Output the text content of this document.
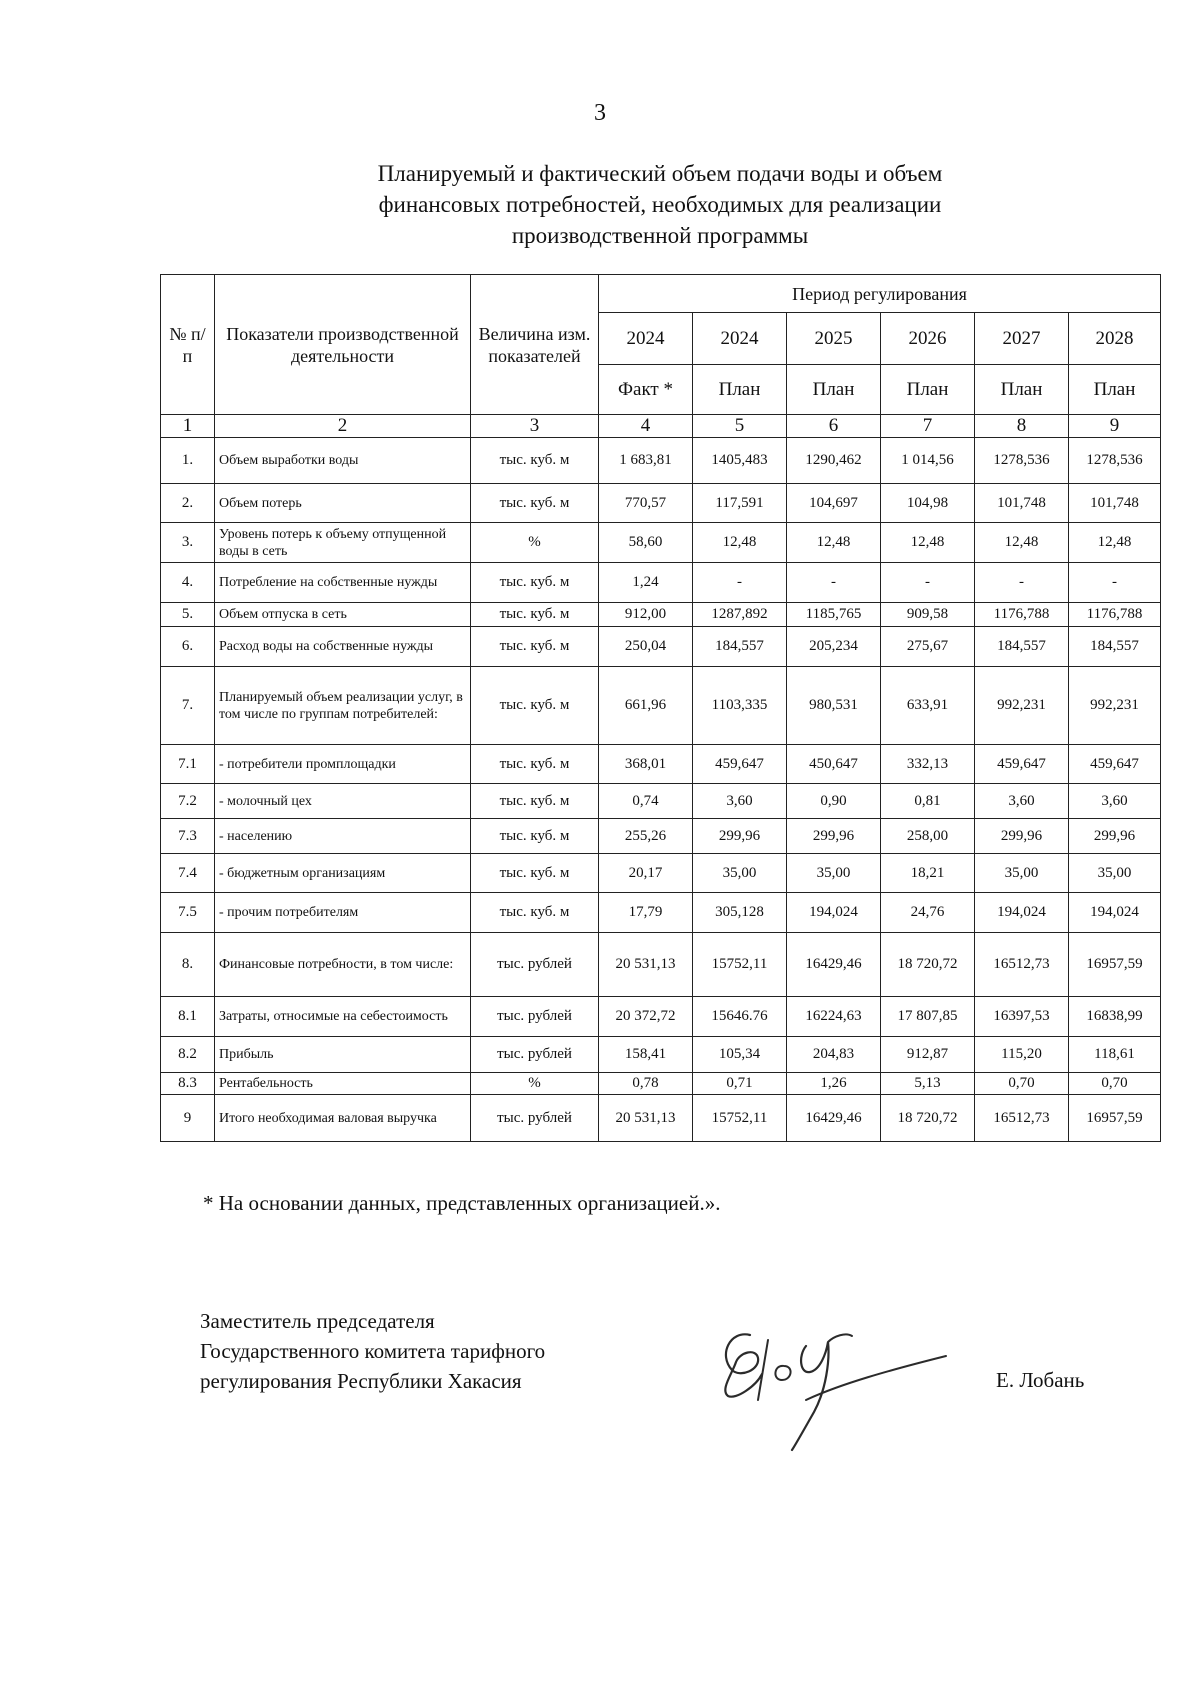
3
Планируемый и фактический объем подачи воды и объем
финансовых потребностей, необходимых для реализации
производственной программы
№ п/п	Показатели производственной деятельности	Величина изм. показателей	Период регулирования					
			2024	2024	2025	2026	2027	2028
			Факт *	План	План	План	План	План
1	2	3	4	5	6	7	8	9
1.	Объем выработки воды	тыс. куб. м	1 683,81	1405,483	1290,462	1 014,56	1278,536	1278,536
2.	Объем потерь	тыс. куб. м	770,57	117,591	104,697	104,98	101,748	101,748
3.	Уровень потерь к объему отпущенной воды в сеть	%	58,60	12,48	12,48	12,48	12,48	12,48
4.	Потребление на собственные нужды	тыс. куб. м	1,24	-	-	-	-	-
5.	Объем отпуска в сеть	тыс. куб. м	912,00	1287,892	1185,765	909,58	1176,788	1176,788
6.	Расход воды на собственные нужды	тыс. куб. м	250,04	184,557	205,234	275,67	184,557	184,557
7.	Планируемый объем реализации услуг, в том числе по группам потребителей:	тыс. куб. м	661,96	1103,335	980,531	633,91	992,231	992,231
7.1	- потребители промплощадки	тыс. куб. м	368,01	459,647	450,647	332,13	459,647	459,647
7.2	- молочный цех	тыс. куб. м	0,74	3,60	0,90	0,81	3,60	3,60
7.3	- населению	тыс. куб. м	255,26	299,96	299,96	258,00	299,96	299,96
7.4	- бюджетным организациям	тыс. куб. м	20,17	35,00	35,00	18,21	35,00	35,00
7.5	- прочим потребителям	тыс. куб. м	17,79	305,128	194,024	24,76	194,024	194,024
8.	Финансовые потребности, в том числе:	тыс. рублей	20 531,13	15752,11	16429,46	18 720,72	16512,73	16957,59
8.1	Затраты, относимые на себестоимость	тыс. рублей	20 372,72	15646.76	16224,63	17 807,85	16397,53	16838,99
8.2	Прибыль	тыс. рублей	158,41	105,34	204,83	912,87	115,20	118,61
8.3	Рентабельность	%	0,78	0,71	1,26	5,13	0,70	0,70
9	Итого необходимая валовая выручка	тыс. рублей	20 531,13	15752,11	16429,46	18 720,72	16512,73	16957,59
* На основании данных, представленных организацией.».
Заместитель председателя
Государственного комитета тарифного
регулирования Республики Хакасия	Е. Лобань
